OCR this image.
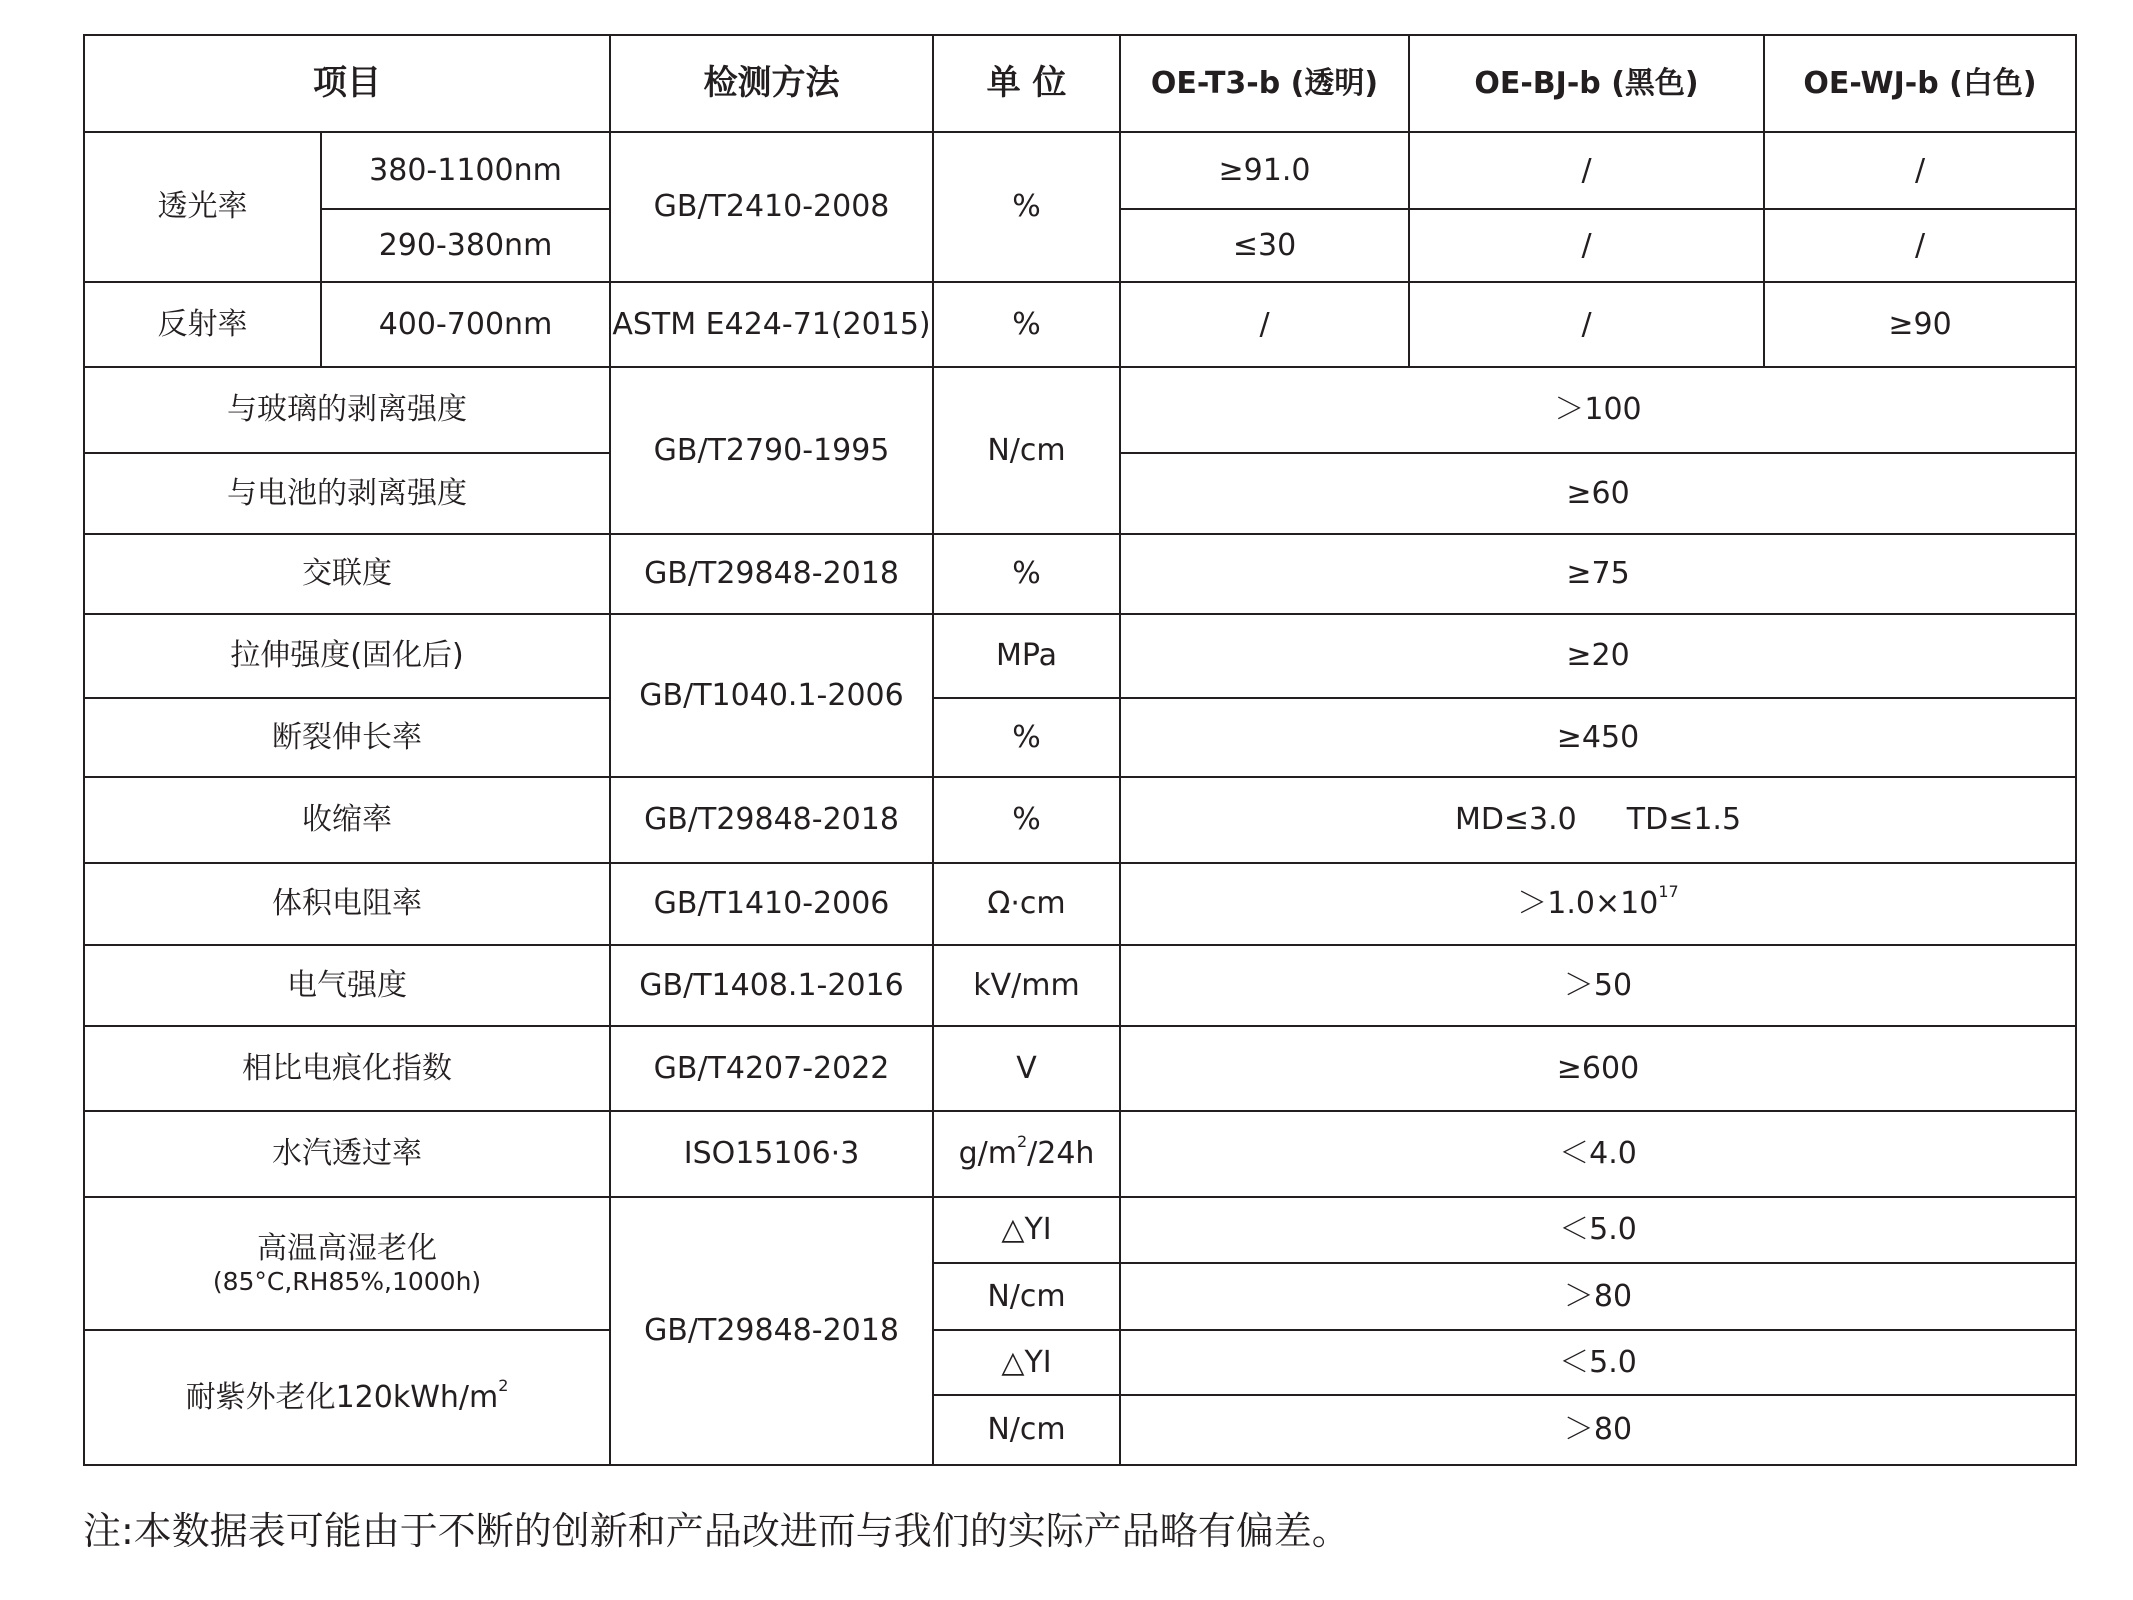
项目		检测方法	单 位	OE-T3-b (透明)	OE-BJ-b (黑色)	OE-WJ-b (白色)
透光率	380-1100nm	GB/T2410-2008	%	≥91.0	/	/
	290-380nm			≤30	/	/
反射率	400-700nm	ASTM E424-71(2015)	%	/	/	≥90
与玻璃的剥离强度		GB/T2790-1995	N/cm	＞100		
与电池的剥离强度				≥60		
交联度		GB/T29848-2018	%	≥75		
拉伸强度(固化后)		GB/T1040.1-2006	MPa	≥20		
断裂伸长率			%	≥450		
收缩率		GB/T29848-2018	%	MD≤3.0 TD≤1.5		
体积电阻率		GB/T1410-2006	Ω·cm	$>1.0\times 10^{17}$
电气强度		GB/T1408.1-2016	kV/mm	＞50		
相比电痕化指数		GB/T4207-2022	V	≥600		
水汽透过率		ISO15106·3	$g/m^2/24h$	＜4.0		
高温高湿老化
(85°C,RH85%,1000h)		GB/T29848-2018	△YI	＜5.0		
			N/cm	＞80		
耐紫外老化$120kWh/m^2$			△YI	＜5.0		
			N/cm	＞80		
注:本数据表可能由于不断的创新和产品改进而与我们的实际产品略有偏差。
